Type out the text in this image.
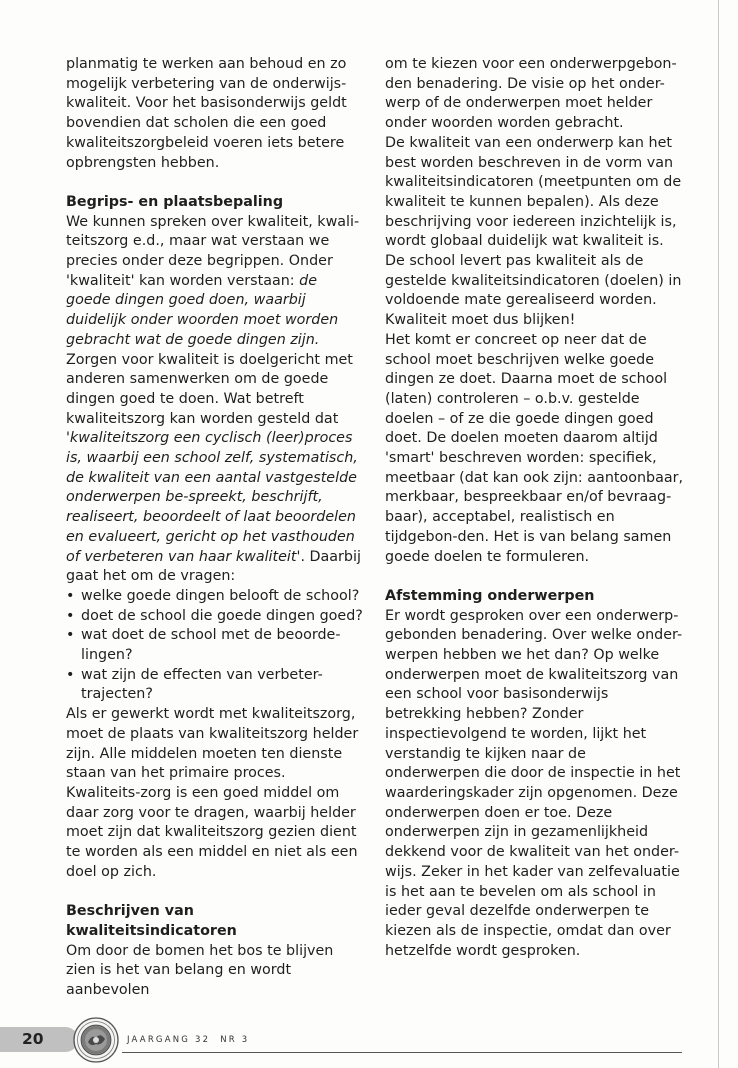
planmatig te werken aan behoud en zo mogelijk verbetering van de onderwijs-kwaliteit. Voor het basisonderwijs geldt bovendien dat scholen die een goed kwaliteitszorgbeleid voeren iets betere opbrengsten hebben.

Begrips- en plaatsbepaling

We kunnen spreken over kwaliteit, kwali-teitszorg e.d., maar wat verstaan we precies onder deze begrippen. Onder 'kwaliteit' kan worden verstaan: de goede dingen goed doen, waarbij duidelijk onder woorden moet worden gebracht wat de goede dingen zijn. Zorgen voor kwaliteit is doelgericht met anderen samenwerken om de goede dingen goed te doen. Wat betreft kwaliteitszorg kan worden gesteld dat 'kwaliteitszorg een cyclisch (leer)proces is, waarbij een school zelf, systematisch, de kwaliteit van een aantal vastgestelde onderwerpen be-spreekt, beschrijft, realiseert, beoordeelt of laat beoordelen en evalueert, gericht op het vasthouden of verbeteren van haar kwaliteit'. Daarbij gaat het om de vragen:

• welke goede dingen belooft de school?
• doet de school die goede dingen goed?
• wat doet de school met de beoorde-lingen?
• wat zijn de effecten van verbeter-trajecten?

Als er gewerkt wordt met kwaliteitszorg, moet de plaats van kwaliteitszorg helder zijn. Alle middelen moeten ten dienste staan van het primaire proces. Kwaliteits-zorg is een goed middel om daar zorg voor te dragen, waarbij helder moet zijn dat kwaliteitszorg gezien dient te worden als een middel en niet als een doel op zich.

Beschrijven van kwaliteitsindicatoren

Om door de bomen het bos te blijven zien is het van belang en wordt aanbevolen

om te kiezen voor een onderwerpgebon-den benadering. De visie op het onder-werp of de onderwerpen moet helder onder woorden worden gebracht.

De kwaliteit van een onderwerp kan het best worden beschreven in de vorm van kwaliteitsindicatoren (meetpunten om de kwaliteit te kunnen bepalen). Als deze beschrijving voor iedereen inzichtelijk is, wordt globaal duidelijk wat kwaliteit is. De school levert pas kwaliteit als de gestelde kwaliteitsindicatoren (doelen) in voldoende mate gerealiseerd worden. Kwaliteit moet dus blijken!

Het komt er concreet op neer dat de school moet beschrijven welke goede dingen ze doet. Daarna moet de school (laten) controleren – o.b.v. gestelde doelen – of ze die goede dingen goed doet. De doelen moeten daarom altijd 'smart' beschreven worden: specifiek, meetbaar (dat kan ook zijn: aantoonbaar, merkbaar, bespreekbaar en/of bevraag-baar), acceptabel, realistisch en tijdgebon-den. Het is van belang samen goede doelen te formuleren.

Afstemming onderwerpen

Er wordt gesproken over een onderwerp-gebonden benadering. Over welke onder-werpen hebben we het dan? Op welke onderwerpen moet de kwaliteitszorg van een school voor basisonderwijs betrekking hebben? Zonder inspectievolgend te worden, lijkt het verstandig te kijken naar de onderwerpen die door de inspectie in het waarderingskader zijn opgenomen. Deze onderwerpen doen er toe. Deze onderwerpen zijn in gezamenlijkheid dekkend voor de kwaliteit van het onder-wijs. Zeker in het kader van zelfevaluatie is het aan te bevelen om als school in ieder geval dezelfde onderwerpen te kiezen als de inspectie, omdat dan over hetzelfde wordt gesproken.

20	JAARGANG 32 NR 3
